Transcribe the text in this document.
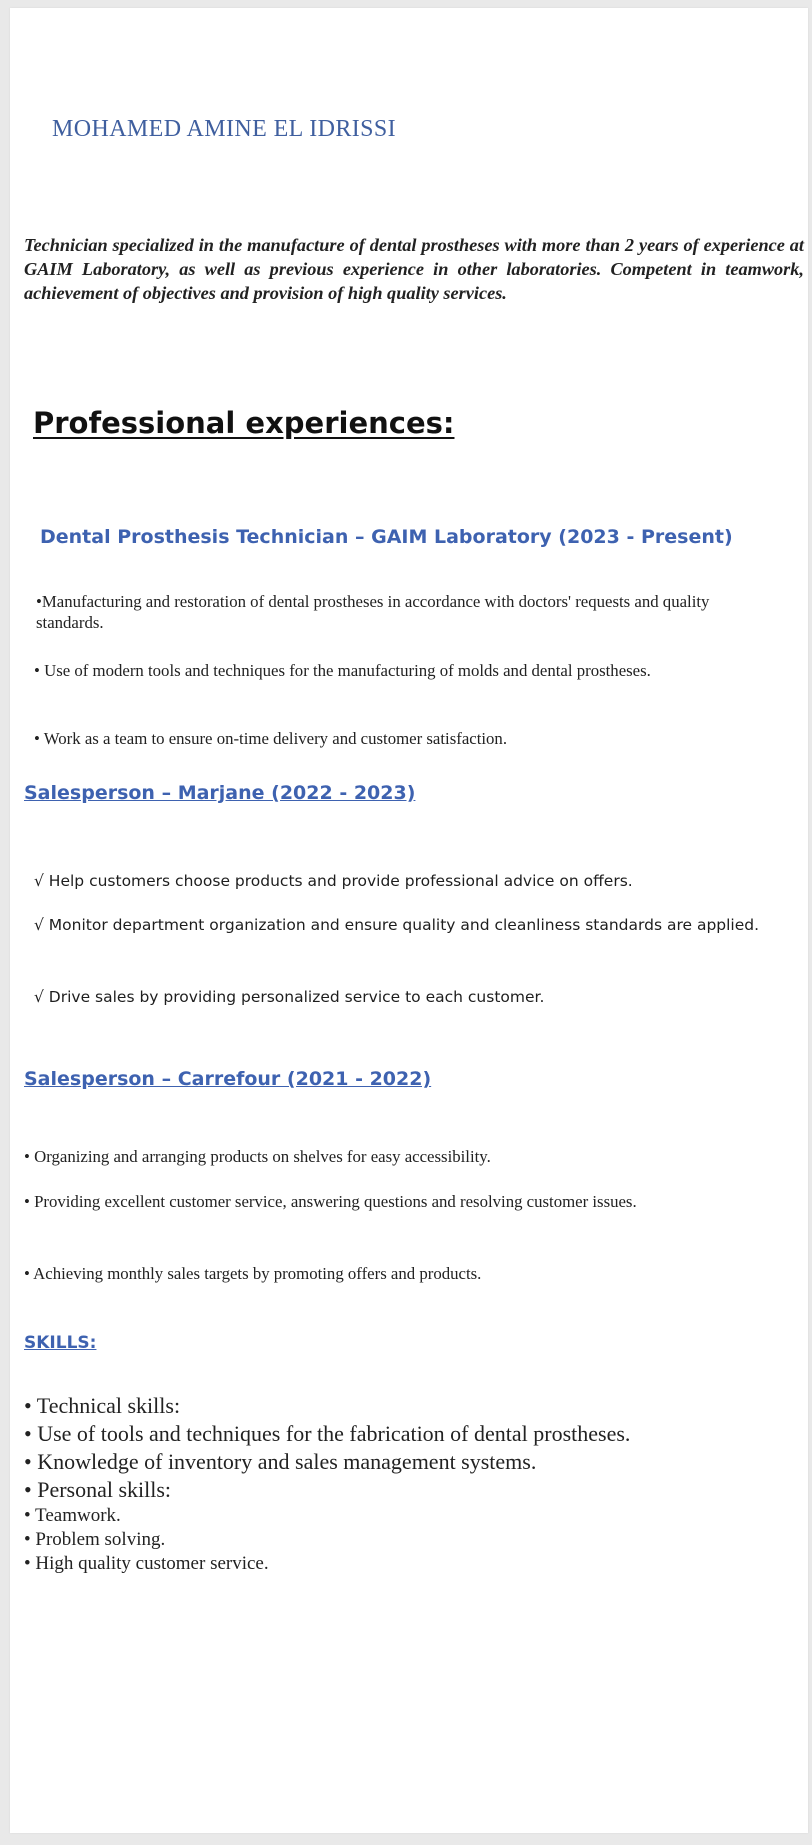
MOHAMED AMINE EL IDRISSI

Technician specialized in the manufacture of dental prostheses with more than 2 years of experience at GAIM Laboratory, as well as previous experience in other laboratories. Competent in teamwork, achievement of objectives and provision of high quality services.

Professional experiences:
Dental Prosthesis Technician – GAIM Laboratory (2023 - Present)

•Manufacturing and restoration of dental prostheses in accordance with doctors' requests and quality standards.

• Use of modern tools and techniques for the manufacturing of molds and dental prostheses.

• Work as a team to ensure on-time delivery and customer satisfaction.

Salesperson – Marjane (2022 - 2023)

√ Help customers choose products and provide professional advice on offers.

√ Monitor department organization and ensure quality and cleanliness standards are applied.

√ Drive sales by providing personalized service to each customer.

Salesperson – Carrefour (2021 - 2022)

• Organizing and arranging products on shelves for easy accessibility.

• Providing excellent customer service, answering questions and resolving customer issues.

• Achieving monthly sales targets by promoting offers and products.

SKILLS:
• Technical skills:
• Use of tools and techniques for the fabrication of dental prostheses.
• Knowledge of inventory and sales management systems.
• Personal skills:
• Teamwork.
• Problem solving.
• High quality customer service.
